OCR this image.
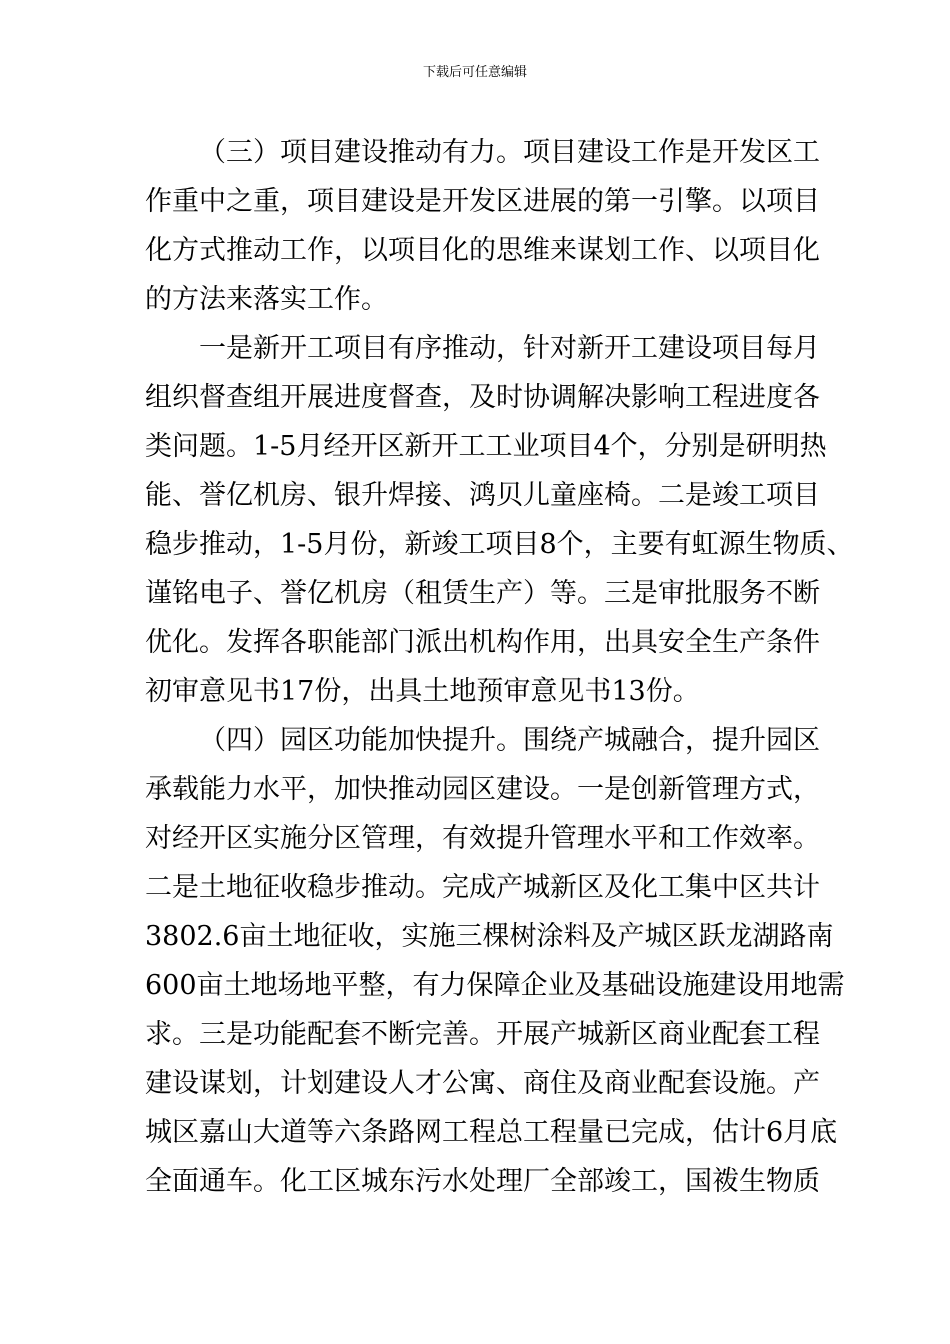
下载后可任意编辑
（三）项目建设推动有力。项目建设工作是开发区工
作重中之重，项目建设是开发区进展的第一引擎。以项目
化方式推动工作，以项目化的思维来谋划工作、以项目化
的方法来落实工作。
一是新开工项目有序推动，针对新开工建设项目每月
组织督查组开展进度督查，及时协调解决影响工程进度各
类问题。1-5月经开区新开工工业项目4个，分别是研明热
能、誉亿机房、银升焊接、鸿贝儿童座椅。二是竣工项目
稳步推动，1-5月份，新竣工项目8个，主要有虹源生物质、
谨铭电子、誉亿机房（租赁生产）等。三是审批服务不断
优化。发挥各职能部门派出机构作用，出具安全生产条件
初审意见书17份，出具土地预审意见书13份。
（四）园区功能加快提升。围绕产城融合，提升园区
承载能力水平，加快推动园区建设。一是创新管理方式，
对经开区实施分区管理，有效提升管理水平和工作效率。
二是土地征收稳步推动。完成产城新区及化工集中区共计
3802.6亩土地征收，实施三棵树涂料及产城区跃龙湖路南
600亩土地场地平整，有力保障企业及基础设施建设用地需
求。三是功能配套不断完善。开展产城新区商业配套工程
建设谋划，计划建设人才公寓、商住及商业配套设施。产
城区嘉山大道等六条路网工程总工程量已完成，估计6月底
全面通车。化工区城东污水处理厂全部竣工，国袯生物质
